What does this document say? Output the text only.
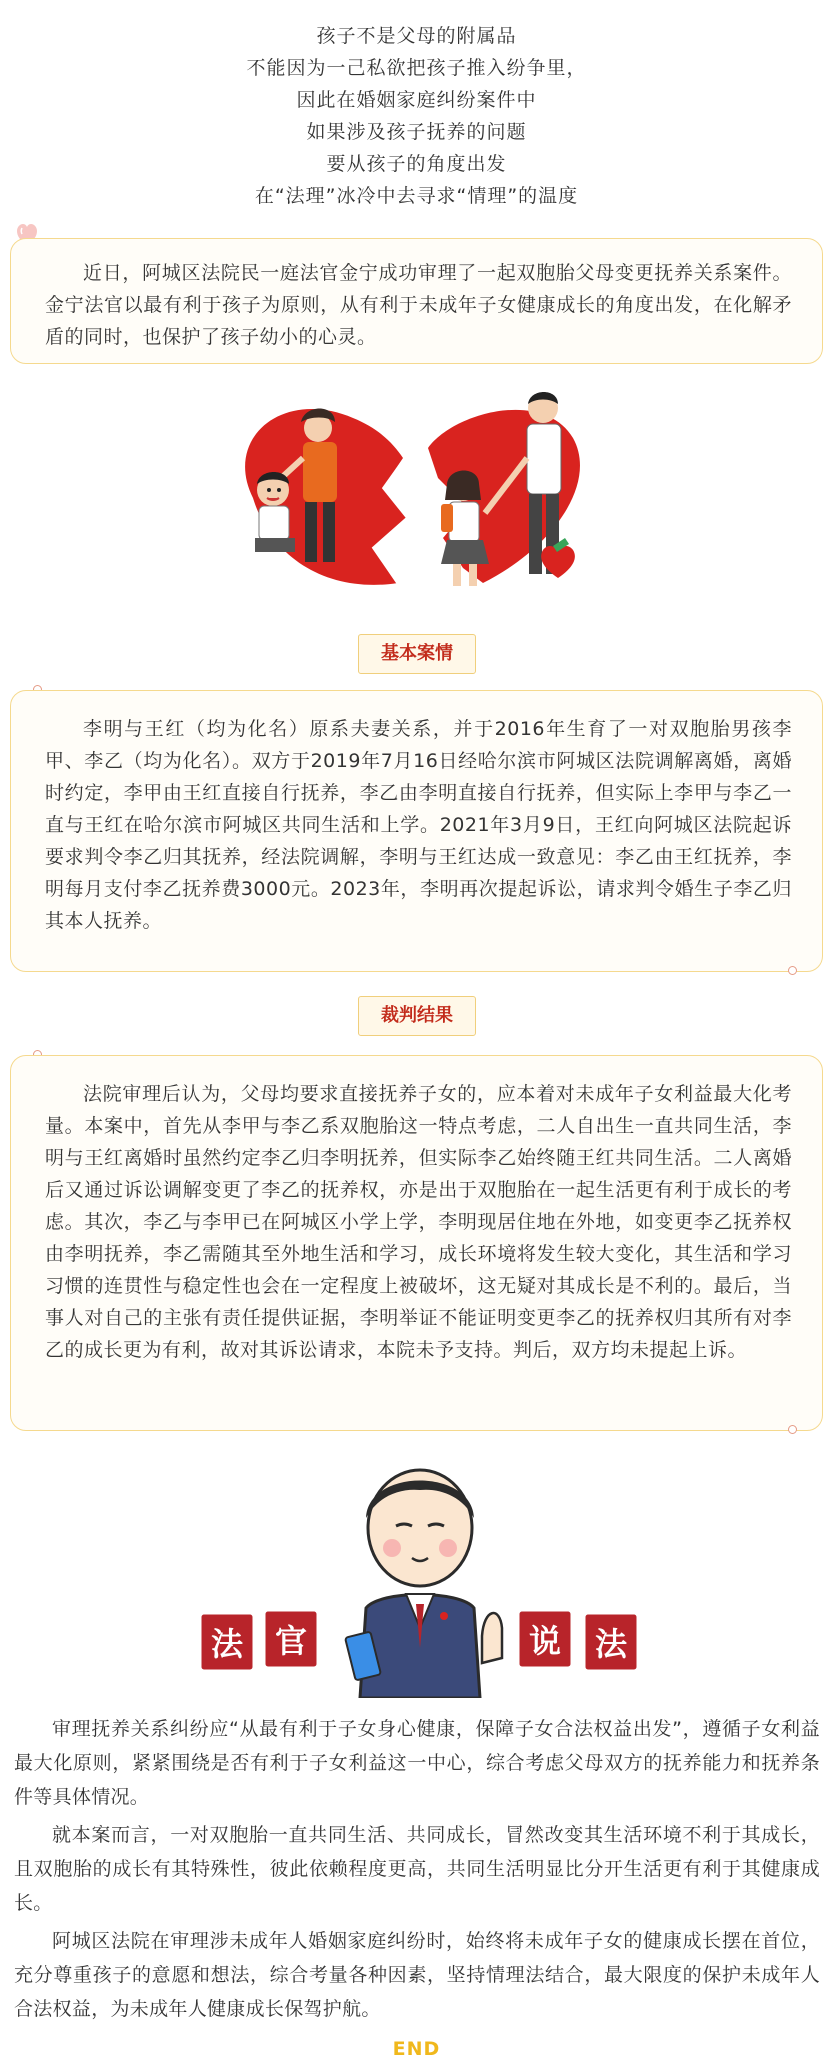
孩子不是父母的附属品

不能因为一己私欲把孩子推入纷争里，

因此在婚姻家庭纠纷案件中

如果涉及孩子抚养的问题

要从孩子的角度出发

在“法理”冰冷中去寻求“情理”的温度

近日，阿城区法院民一庭法官金宁成功审理了一起双胞胎父母变更抚养关系案件。金宁法官以最有利于孩子为原则，从有利于未成年子女健康成长的角度出发，在化解矛盾的同时，也保护了孩子幼小的心灵。

基本案情

李明与王红（均为化名）原系夫妻关系，并于2016年生育了一对双胞胎男孩李甲、李乙（均为化名）。双方于2019年7月16日经哈尔滨市阿城区法院调解离婚，离婚时约定，李甲由王红直接自行抚养，李乙由李明直接自行抚养，但实际上李甲与李乙一直与王红在哈尔滨市阿城区共同生活和上学。2021年3月9日，王红向阿城区法院起诉要求判令李乙归其抚养，经法院调解，李明与王红达成一致意见：李乙由王红抚养，李明每月支付李乙抚养费3000元。2023年，李明再次提起诉讼，请求判令婚生子李乙归其本人抚养。

裁判结果

法院审理后认为，父母均要求直接抚养子女的，应本着对未成年子女利益最大化考量。本案中，首先从李甲与李乙系双胞胎这一特点考虑，二人自出生一直共同生活，李明与王红离婚时虽然约定李乙归李明抚养，但实际李乙始终随王红共同生活。二人离婚后又通过诉讼调解变更了李乙的抚养权，亦是出于双胞胎在一起生活更有利于成长的考虑。其次，李乙与李甲已在阿城区小学上学，李明现居住地在外地，如变更李乙抚养权由李明抚养，李乙需随其至外地生活和学习，成长环境将发生较大变化，其生活和学习习惯的连贯性与稳定性也会在一定程度上被破坏，这无疑对其成长是不利的。最后，当事人对自己的主张有责任提供证据，李明举证不能证明变更李乙的抚养权归其所有对李乙的成长更为有利，故对其诉讼请求，本院未予支持。判后，双方均未提起上诉。

法 官	说 法

审理抚养关系纠纷应“从最有利于子女身心健康，保障子女合法权益出发”，遵循子女利益最大化原则，紧紧围绕是否有利于子女利益这一中心，综合考虑父母双方的抚养能力和抚养条件等具体情况。

就本案而言，一对双胞胎一直共同生活、共同成长，冒然改变其生活环境不利于其成长，且双胞胎的成长有其特殊性，彼此依赖程度更高，共同生活明显比分开生活更有利于其健康成长。

阿城区法院在审理涉未成年人婚姻家庭纠纷时，始终将未成年子女的健康成长摆在首位，充分尊重孩子的意愿和想法，综合考量各种因素，坚持情理法结合，最大限度的保护未成年人合法权益，为未成年人健康成长保驾护航。

END
